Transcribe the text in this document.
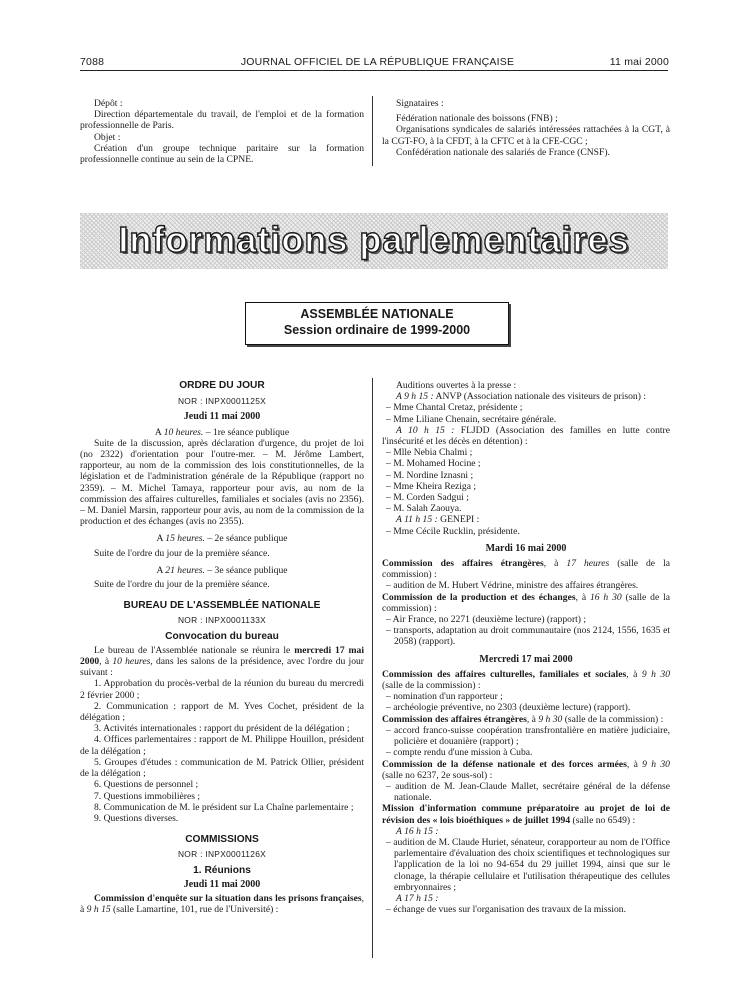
7088	JOURNAL OFFICIEL DE LA RÉPUBLIQUE FRANÇAISE	11 mai 2000

Dépôt :

Direction départementale du travail, de l'emploi et de la formation professionnelle de Paris.

Objet :

Création d'un groupe technique paritaire sur la formation professionnelle continue au sein de la CPNE.

Signataires :

Fédération nationale des boissons (FNB) ;

Organisations syndicales de salariés intéressées rattachées à la CGT, à la CGT-FO, à la CFDT, à la CFTC et à la CFE-CGC ;

Confédération nationale des salariés de France (CNSF).

Informations parlementaires
ASSEMBLÉE NATIONALE
Session ordinaire de 1999-2000

ORDRE DU JOUR

NOR : INPX0001125X

Jeudi 11 mai 2000

A 10 heures. – 1re séance publique

Suite de la discussion, après déclaration d'urgence, du projet de loi (no 2322) d'orientation pour l'outre-mer. – M. Jérôme Lambert, rapporteur, au nom de la commission des lois constitutionnelles, de la législation et de l'administration générale de la République (rapport no 2359). – M. Michel Tamaya, rapporteur pour avis, au nom de la commission des affaires culturelles, familiales et sociales (avis no 2356). – M. Daniel Marsin, rapporteur pour avis, au nom de la commission de la production et des échanges (avis no 2355).

A 15 heures. – 2e séance publique

Suite de l'ordre du jour de la première séance.

A 21 heures. – 3e séance publique

Suite de l'ordre du jour de la première séance.

BUREAU DE L'ASSEMBLÉE NATIONALE

NOR : INPX0001133X

Convocation du bureau

Le bureau de l'Assemblée nationale se réunira le mercredi 17 mai 2000, à 10 heures, dans les salons de la présidence, avec l'ordre du jour suivant :

1. Approbation du procès-verbal de la réunion du bureau du mercredi 2 février 2000 ;

2. Communication : rapport de M. Yves Cochet, président de la délégation ;

3. Activités internationales : rapport du président de la délégation ;

4. Offices parlementaires : rapport de M. Philippe Houillon, président de la délégation ;

5. Groupes d'études : communication de M. Patrick Ollier, président de la délégation ;

6. Questions de personnel ;

7. Questions immobilières ;

8. Communication de M. le président sur La Chaîne parlementaire ;

9. Questions diverses.

COMMISSIONS

NOR : INPX0001126X

1. Réunions

Jeudi 11 mai 2000

Commission d'enquête sur la situation dans les prisons françaises, à 9 h 15 (salle Lamartine, 101, rue de l'Université) :

Auditions ouvertes à la presse :

A 9 h 15 : ANVP (Association nationale des visiteurs de prison) :

– Mme Chantal Cretaz, présidente ;

– Mme Liliane Chenain, secrétaire générale.

A 10 h 15 : FLJDD (Association des familles en lutte contre l'insécurité et les décès en détention) :

– Mlle Nebia Chalmi ;

– M. Mohamed Hocine ;

– M. Nordine Iznasni ;

– Mme Kheira Reziga ;

– M. Corden Sadgui ;

– M. Salah Zaouya.

A 11 h 15 : GENEPI :

– Mme Cécile Rucklin, présidente.

Mardi 16 mai 2000

Commission des affaires étrangères, à 17 heures (salle de la commission) :

– audition de M. Hubert Védrine, ministre des affaires étrangères.

Commission de la production et des échanges, à 16 h 30 (salle de la commission) :

– Air France, no 2271 (deuxième lecture) (rapport) ;

– transports, adaptation au droit communautaire (nos 2124, 1556, 1635 et 2058) (rapport).

Mercredi 17 mai 2000

Commission des affaires culturelles, familiales et sociales, à 9 h 30 (salle de la commission) :

– nomination d'un rapporteur ;

– archéologie préventive, no 2303 (deuxième lecture) (rapport).

Commission des affaires étrangères, à 9 h 30 (salle de la commission) :

– accord franco-suisse coopération transfrontalière en matière judiciaire, policière et douanière (rapport) ;

– compte rendu d'une mission à Cuba.

Commission de la défense nationale et des forces armées, à 9 h 30 (salle no 6237, 2e sous-sol) :

– audition de M. Jean-Claude Mallet, secrétaire général de la défense nationale.

Mission d'information commune préparatoire au projet de loi de révision des « lois bioéthiques » de juillet 1994 (salle no 6549) :

A 16 h 15 :

– audition de M. Claude Huriet, sénateur, corapporteur au nom de l'Office parlementaire d'évaluation des choix scientifiques et technologiques sur l'application de la loi no 94-654 du 29 juillet 1994, ainsi que sur le clonage, la thérapie cellulaire et l'utilisation thérapeutique des cellules embryonnaires ;

A 17 h 15 :

– échange de vues sur l'organisation des travaux de la mission.
